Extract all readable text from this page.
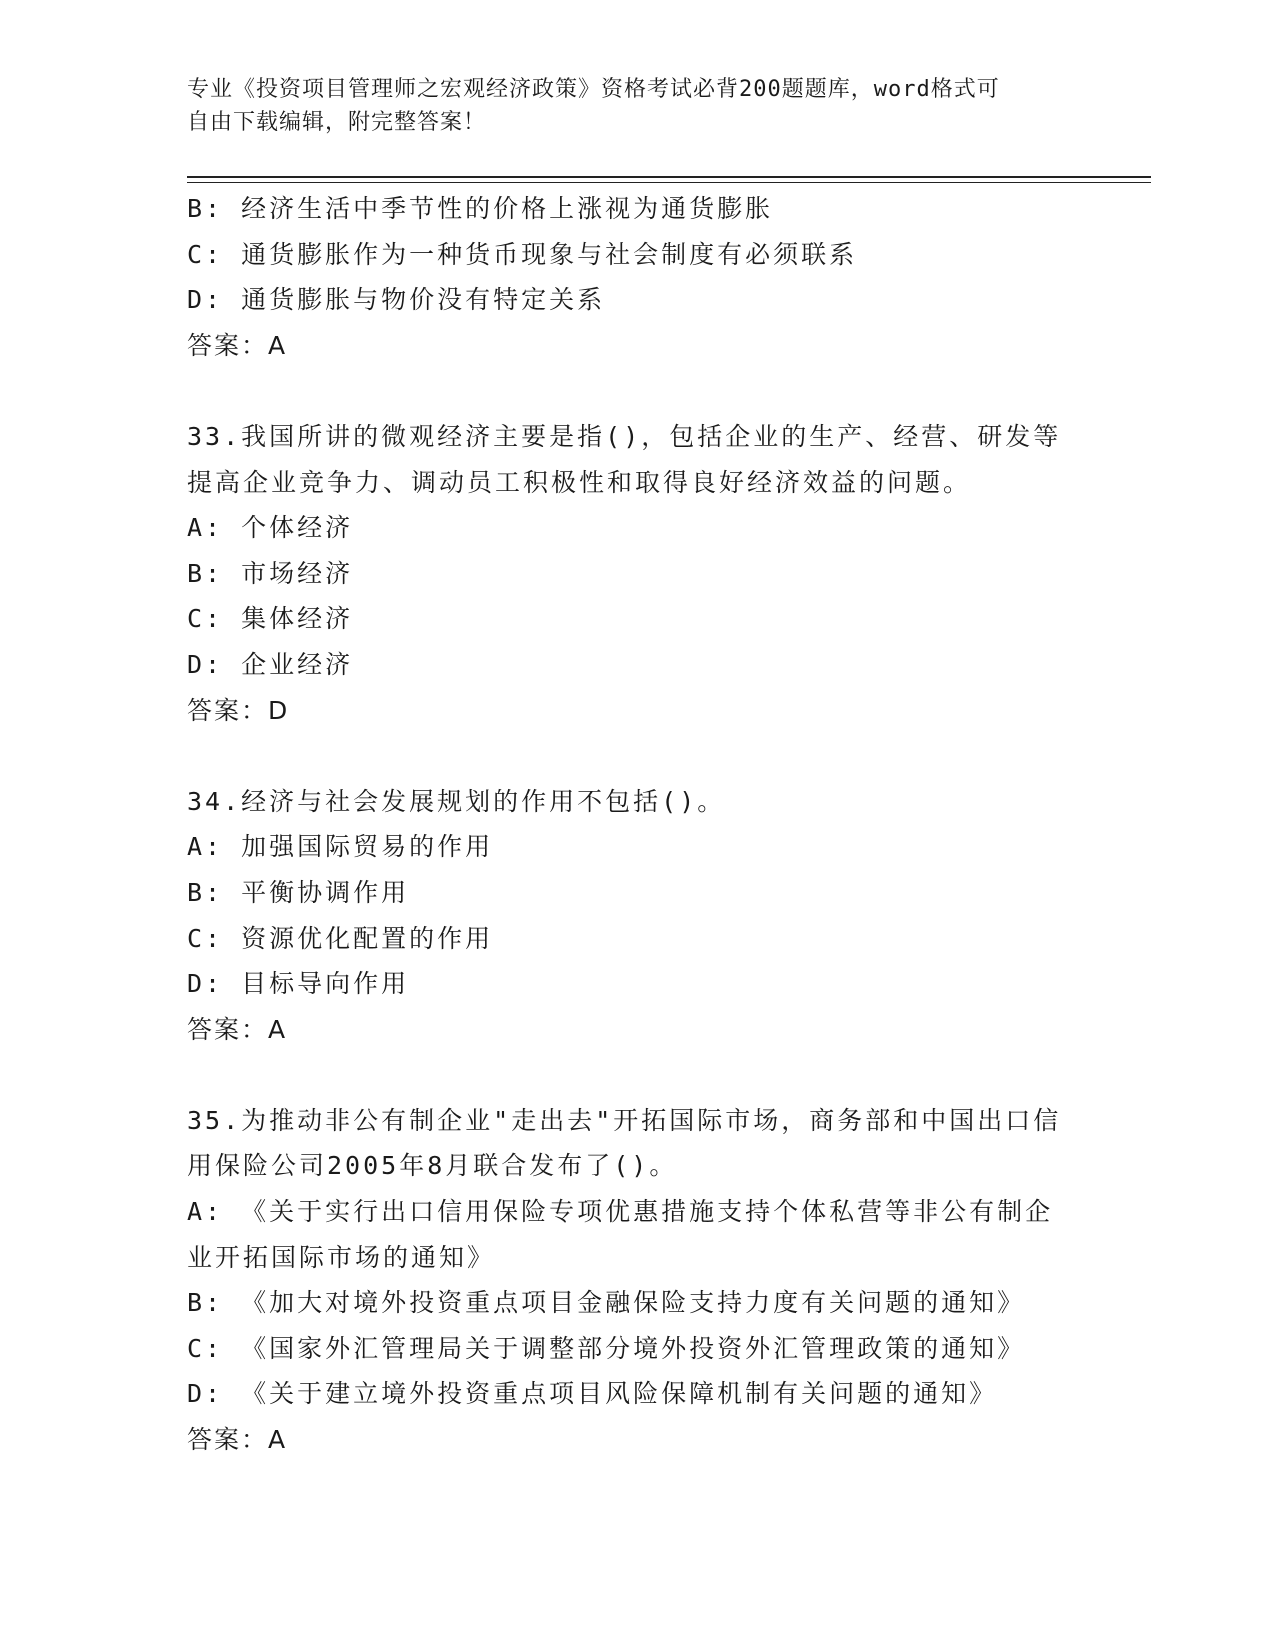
专业《投资项目管理师之宏观经济政策》资格考试必背200题题库，word格式可
自由下载编辑，附完整答案！
B: 经济生活中季节性的价格上涨视为通货膨胀
C: 通货膨胀作为一种货币现象与社会制度有必须联系
D: 通货膨胀与物价没有特定关系
答案：A
33.我国所讲的微观经济主要是指()，包括企业的生产、经营、研发等
提高企业竞争力、调动员工积极性和取得良好经济效益的问题。
A: 个体经济
B: 市场经济
C: 集体经济
D: 企业经济
答案：D
34.经济与社会发展规划的作用不包括()。
A: 加强国际贸易的作用
B: 平衡协调作用
C: 资源优化配置的作用
D: 目标导向作用
答案：A
35.为推动非公有制企业"走出去"开拓国际市场，商务部和中国出口信
用保险公司2005年8月联合发布了()。
A: 《关于实行出口信用保险专项优惠措施支持个体私营等非公有制企
业开拓国际市场的通知》
B: 《加大对境外投资重点项目金融保险支持力度有关问题的通知》
C: 《国家外汇管理局关于调整部分境外投资外汇管理政策的通知》
D: 《关于建立境外投资重点项目风险保障机制有关问题的通知》
答案：A
